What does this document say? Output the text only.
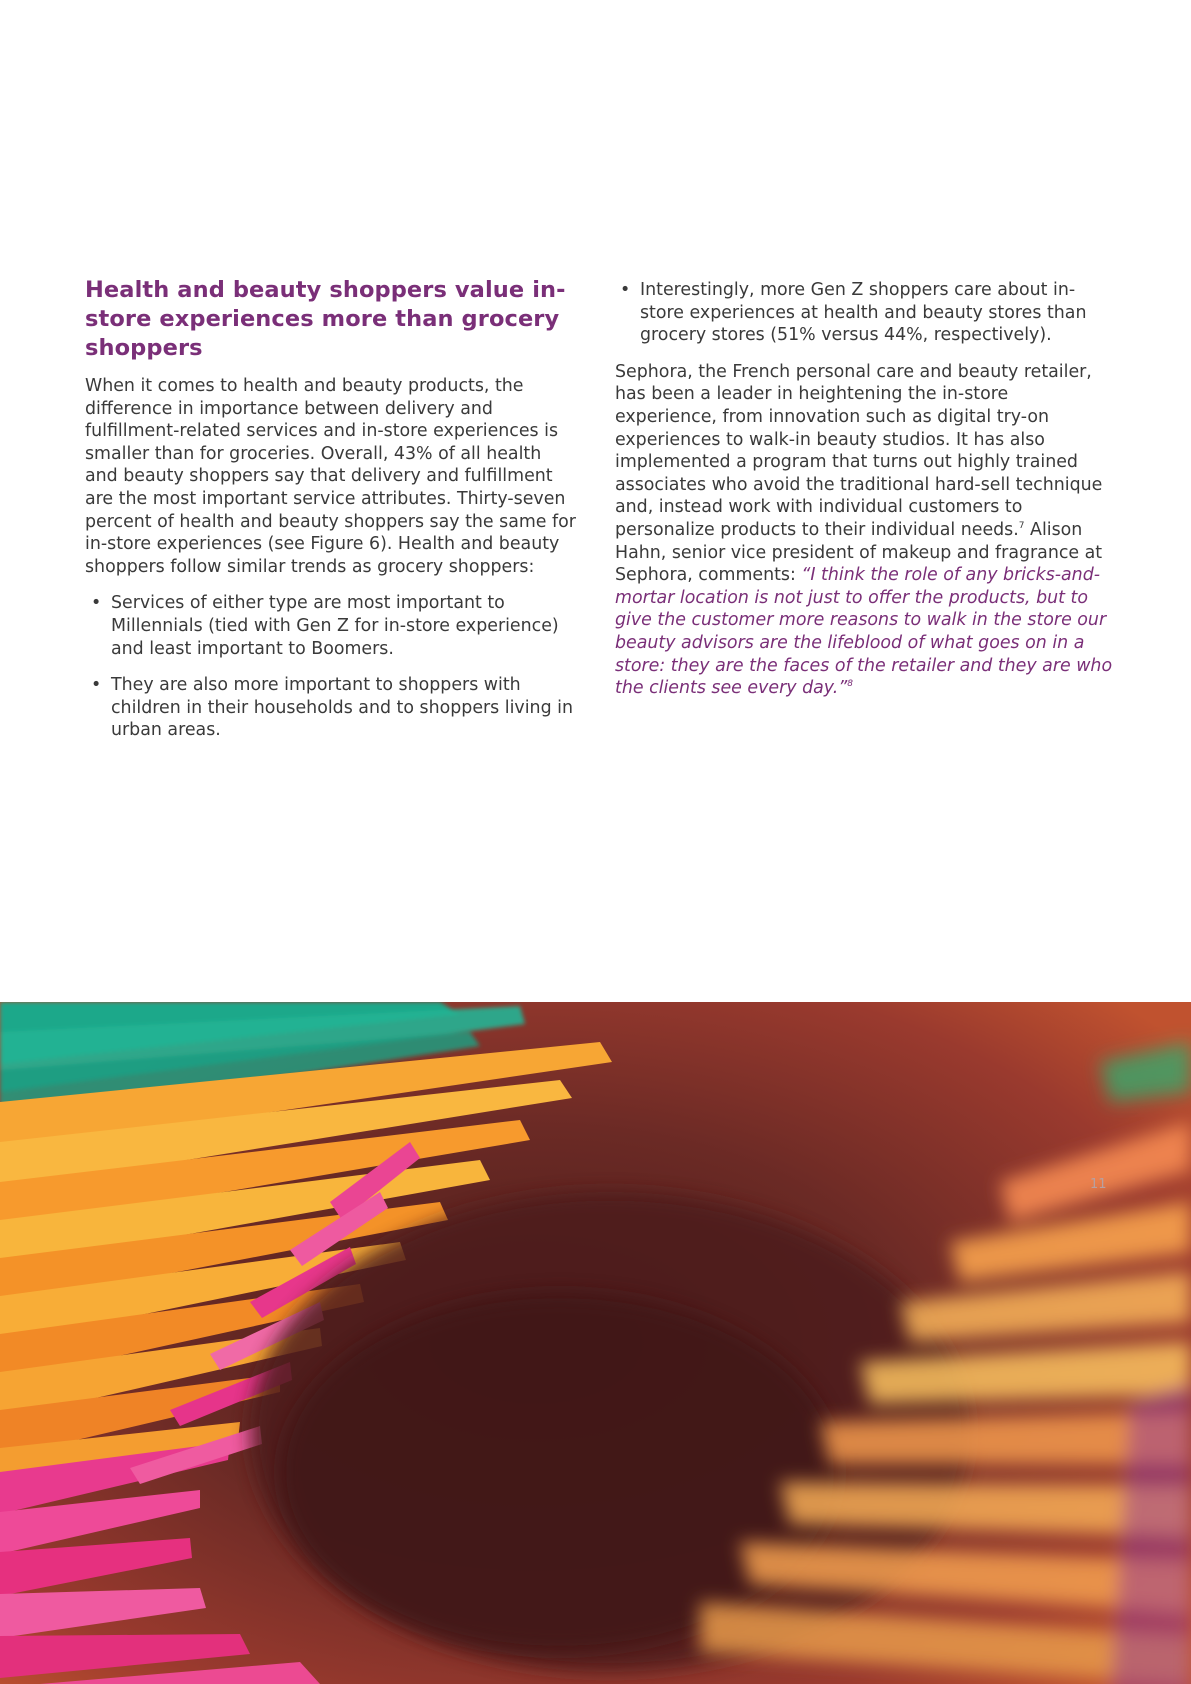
Health and beauty shoppers value in-store experiences more than grocery shoppers

When it comes to health and beauty products, the difference in importance between delivery and fulfillment-related services and in-store experiences is smaller than for groceries. Overall, 43% of all health and beauty shoppers say that delivery and fulfillment are the most important service attributes. Thirty-seven percent of health and beauty shoppers say the same for in-store experiences (see Figure 6). Health and beauty shoppers follow similar trends as grocery shoppers:

• Services of either type are most important to Millennials (tied with Gen Z for in-store experience) and least important to Boomers.
• They are also more important to shoppers with children in their households and to shoppers living in urban areas.
• Interestingly, more Gen Z shoppers care about in-store experiences at health and beauty stores than grocery stores (51% versus 44%, respectively).

Sephora, the French personal care and beauty retailer, has been a leader in heightening the in-store experience, from innovation such as digital try-on experiences to walk-in beauty studios. It has also implemented a program that turns out highly trained associates who avoid the traditional hard-sell technique and, instead work with individual customers to personalize products to their individual needs.$^7$ Alison Hahn, senior vice president of makeup and fragrance at Sephora, comments: “I think the role of any bricks-and-mortar location is not just to offer the products, but to give the customer more reasons to walk in the store our beauty advisors are the lifeblood of what goes on in a store: they are the faces of the retailer and they are who the clients see every day.”$^8$

11
